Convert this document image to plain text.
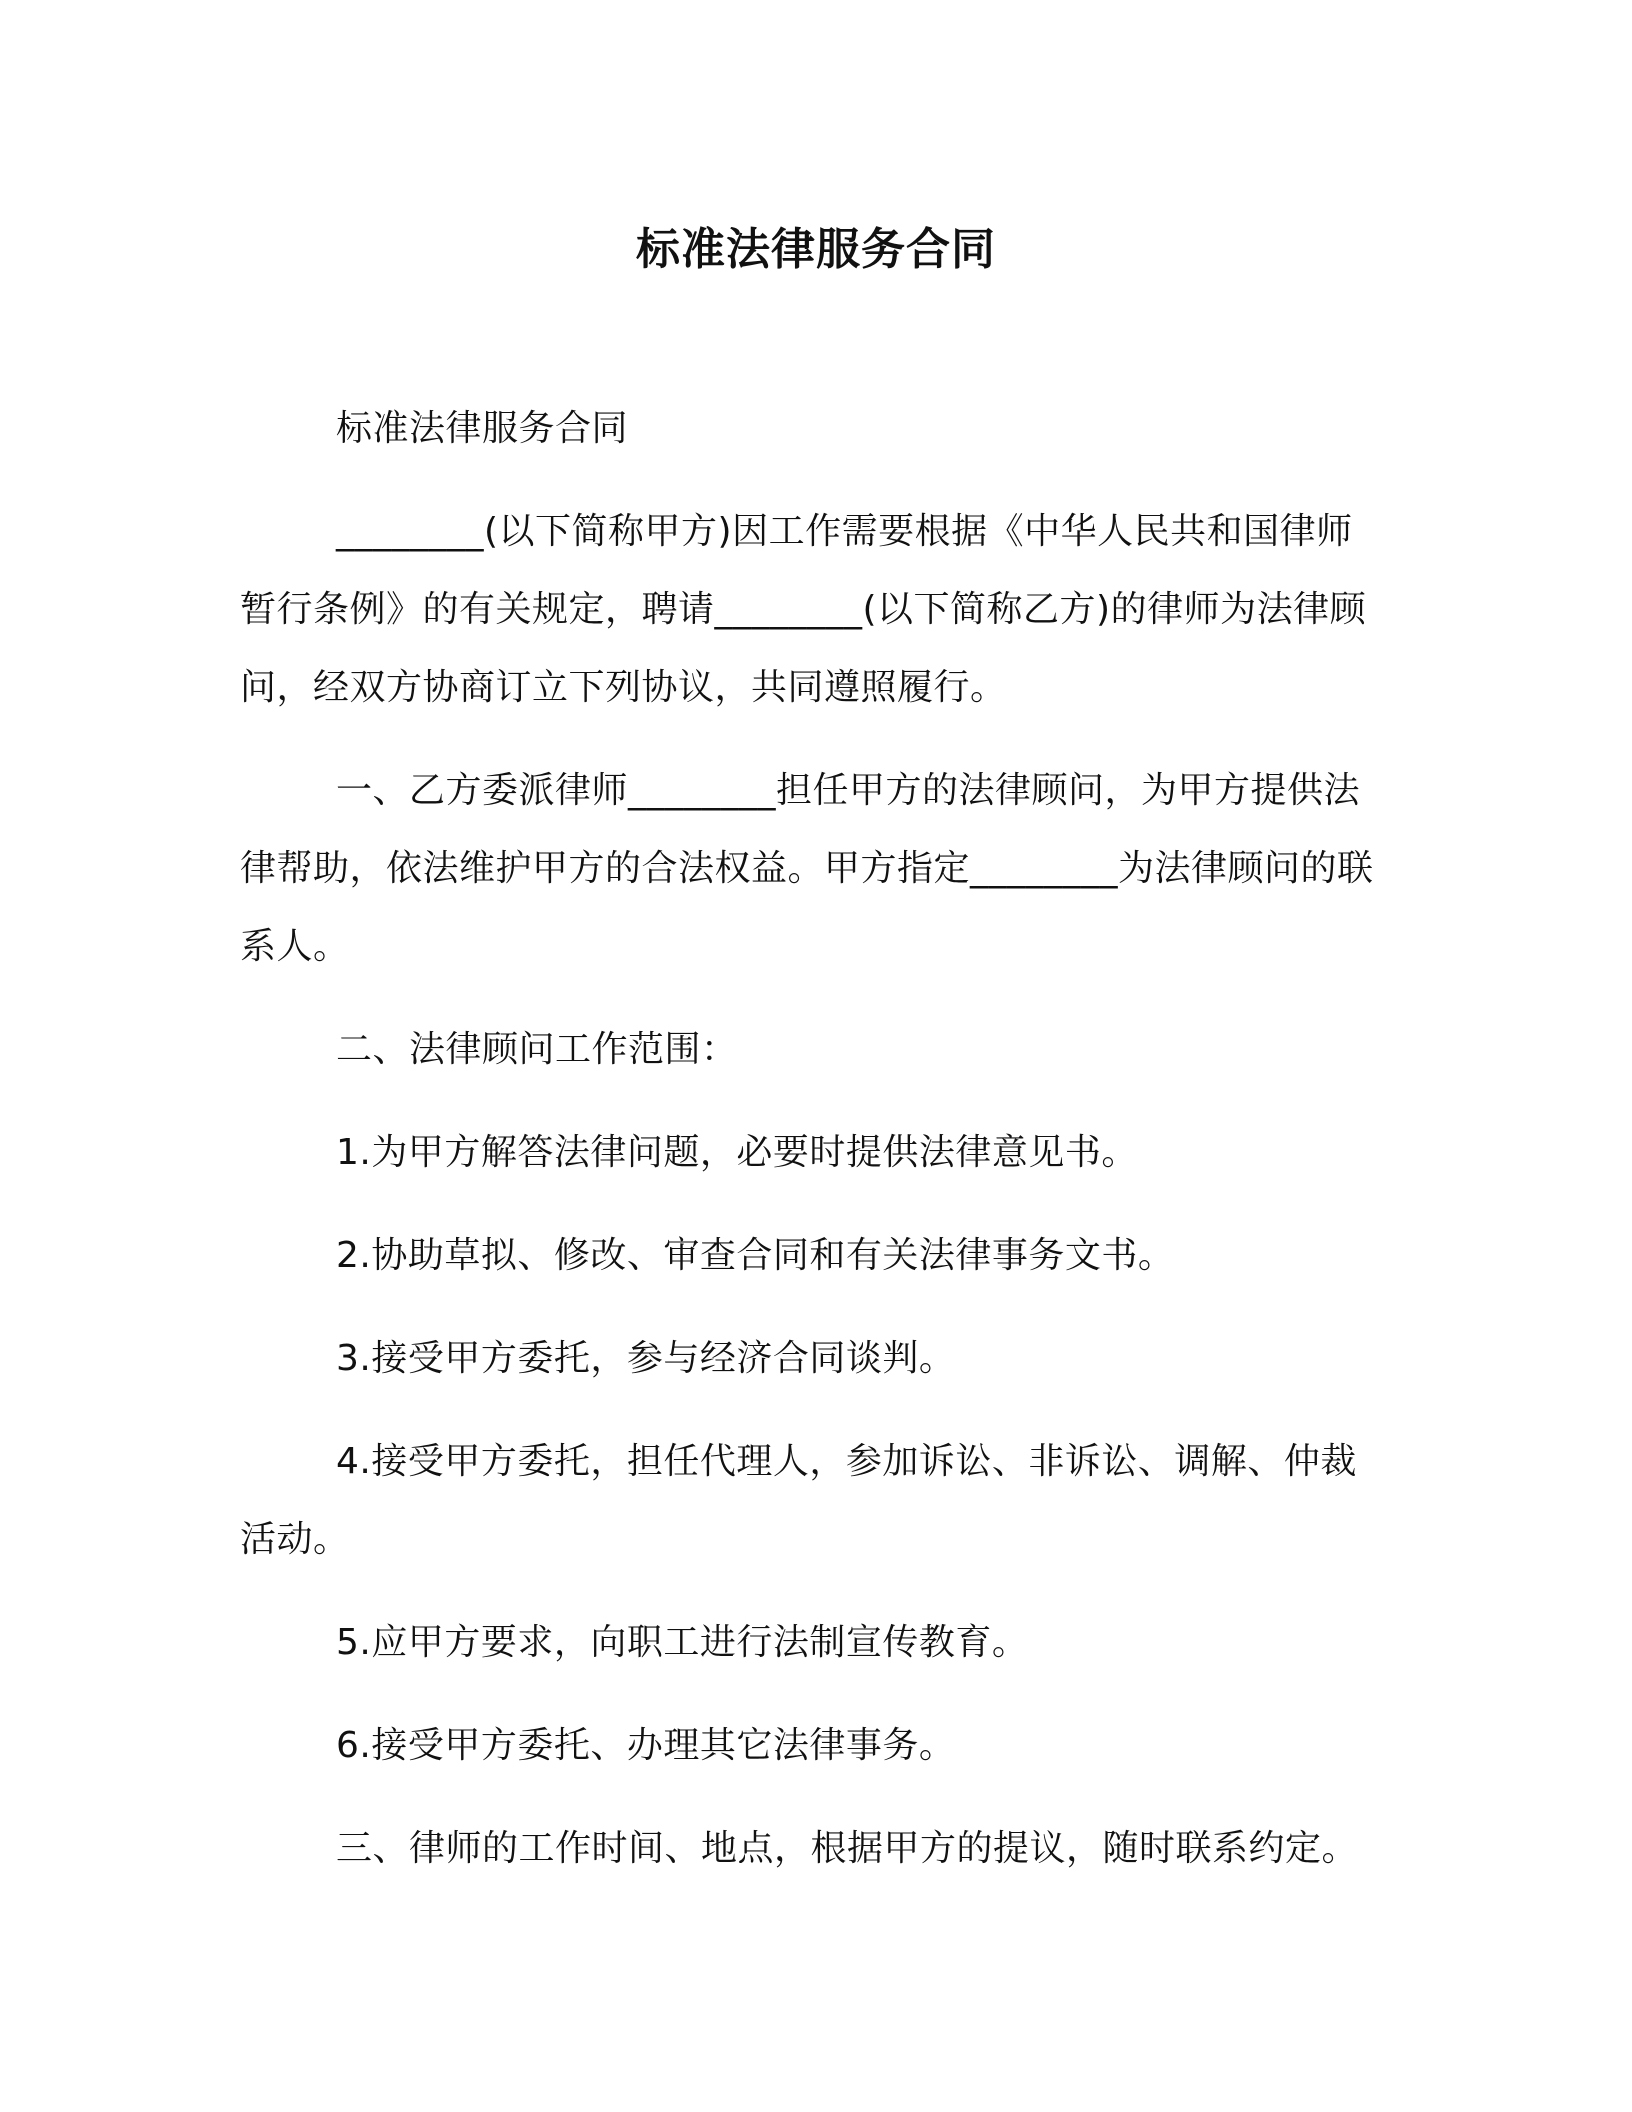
标准法律服务合同

标准法律服务合同

________(以下简称甲方)因工作需要根据《中华人民共和国律师暂行条例》的有关规定，聘请________(以下简称乙方)的律师为法律顾问，经双方协商订立下列协议，共同遵照履行。

一、乙方委派律师________担任甲方的法律顾问，为甲方提供法律帮助，依法维护甲方的合法权益。甲方指定________为法律顾问的联系人。

二、法律顾问工作范围：

1.为甲方解答法律问题，必要时提供法律意见书。

2.协助草拟、修改、审查合同和有关法律事务文书。

3.接受甲方委托，参与经济合同谈判。

4.接受甲方委托，担任代理人，参加诉讼、非诉讼、调解、仲裁活动。

5.应甲方要求，向职工进行法制宣传教育。

6.接受甲方委托、办理其它法律事务。

三、律师的工作时间、地点，根据甲方的提议，随时联系约定。
